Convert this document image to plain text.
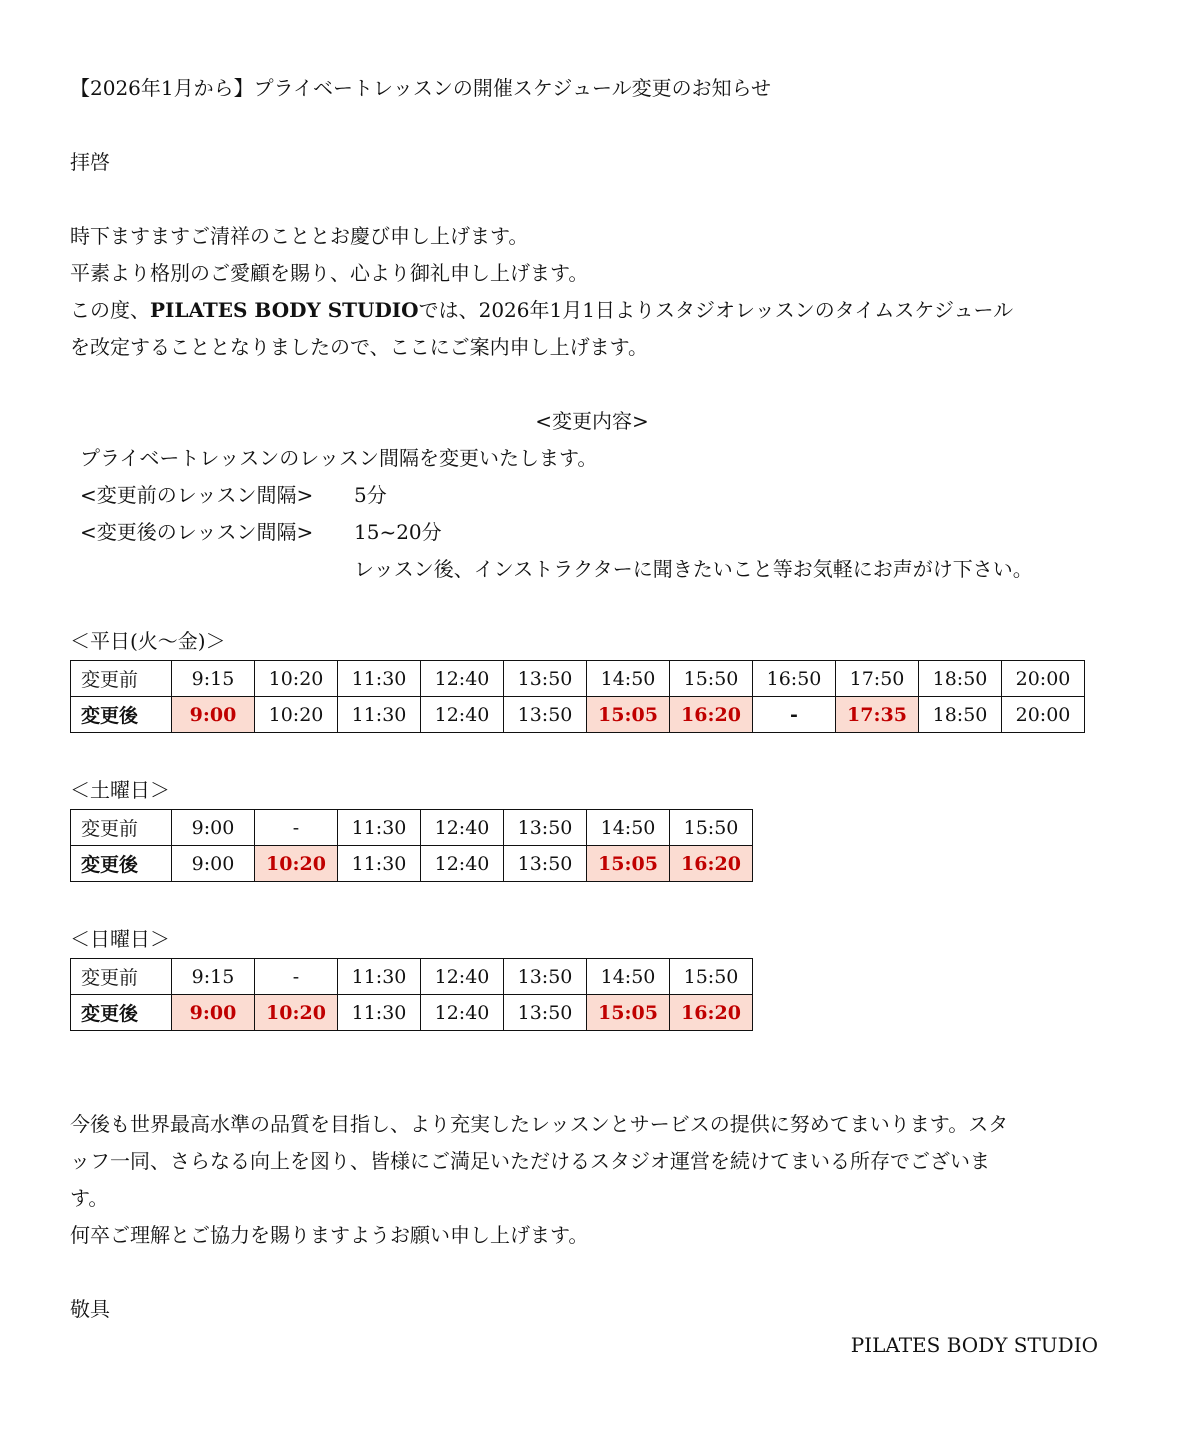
【2026年1月から】プライベートレッスンの開催スケジュール変更のお知らせ
拝啓
時下ますますご清祥のこととお慶び申し上げます。
平素より格別のご愛顧を賜り、心より御礼申し上げます。
この度、PILATES BODY STUDIOでは、2026年1月1日よりスタジオレッスンのタイムスケジュール
を改定することとなりましたので、ここにご案内申し上げます。
<変更内容>
プライベートレッスンのレッスン間隔を変更いたします。
<変更前のレッスン間隔> 5分
<変更後のレッスン間隔> 15~20分
レッスン後、インストラクターに聞きたいこと等お気軽にお声がけ下さい。
＜平日(火～金)＞
変更前	9:15	10:20	11:30	12:40	13:50	14:50	15:50	16:50	17:50	18:50	20:00
変更後	9:00	10:20	11:30	12:40	13:50	15:05	16:20	-	17:35	18:50	20:00
＜土曜日＞
変更前	9:00	-	11:30	12:40	13:50	14:50	15:50
変更後	9:00	10:20	11:30	12:40	13:50	15:05	16:20
＜日曜日＞
変更前	9:15	-	11:30	12:40	13:50	14:50	15:50
変更後	9:00	10:20	11:30	12:40	13:50	15:05	16:20
今後も世界最高水準の品質を目指し、より充実したレッスンとサービスの提供に努めてまいります。スタ
ッフ一同、さらなる向上を図り、皆様にご満足いただけるスタジオ運営を続けてまいる所存でございま
す。
何卒ご理解とご協力を賜りますようお願い申し上げます。
敬具
PILATES BODY STUDIO
